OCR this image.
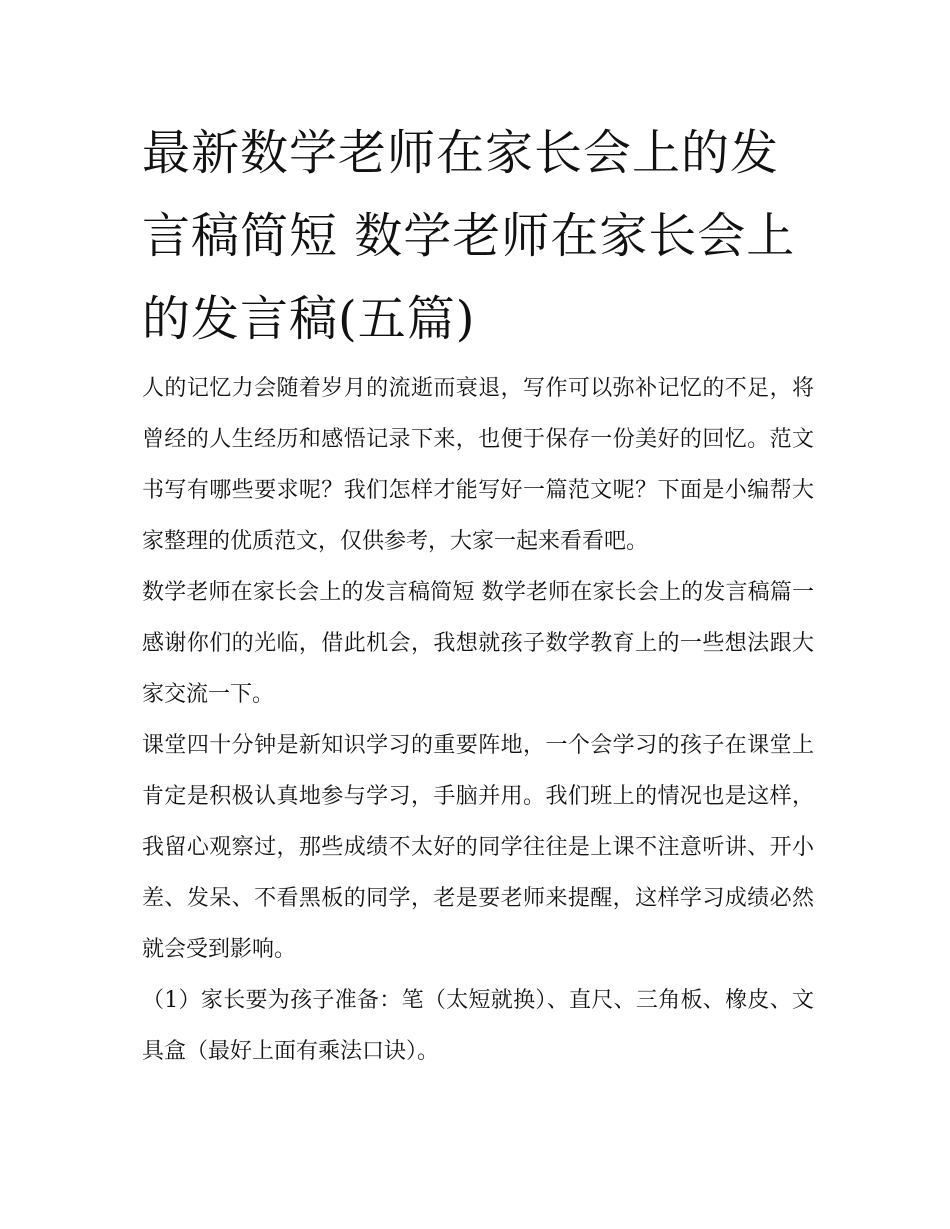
最新数学老师在家长会上的发言稿简短 数学老师在家长会上的发言稿(五篇)

人的记忆力会随着岁月的流逝而衰退，写作可以弥补记忆的不足，将曾经的人生经历和感悟记录下来，也便于保存一份美好的回忆。范文书写有哪些要求呢？我们怎样才能写好一篇范文呢？下面是小编帮大家整理的优质范文，仅供参考，大家一起来看看吧。

数学老师在家长会上的发言稿简短 数学老师在家长会上的发言稿篇一 感谢你们的光临，借此机会，我想就孩子数学教育上的一些想法跟大家交流一下。

课堂四十分钟是新知识学习的重要阵地，一个会学习的孩子在课堂上肯定是积极认真地参与学习，手脑并用。我们班上的情况也是这样，我留心观察过，那些成绩不太好的同学往往是上课不注意听讲、开小差、发呆、不看黑板的同学，老是要老师来提醒，这样学习成绩必然就会受到影响。

（1）家长要为孩子准备：笔（太短就换）、直尺、三角板、橡皮、文具盒（最好上面有乘法口诀）。
